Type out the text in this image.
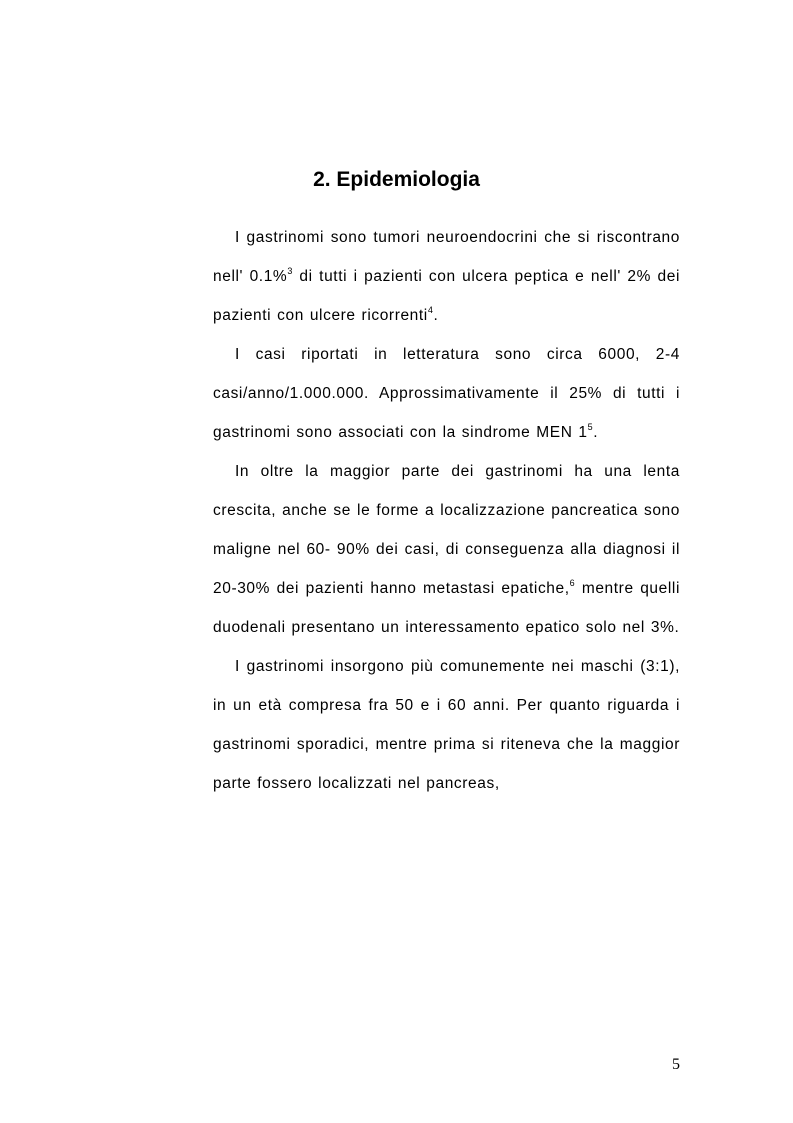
2. Epidemiologia

I gastrinomi sono tumori neuroendocrini che si riscontrano nell' 0.1%$^3$ di tutti i pazienti con ulcera peptica e nell' 2% dei pazienti con ulcere ricorrenti$^4$.

I casi riportati in letteratura sono circa 6000, 2-4 casi/anno/1.000.000. Approssimativamente il 25% di tutti i gastrinomi sono associati con la sindrome MEN $1^5$.

In oltre la maggior parte dei gastrinomi ha una lenta crescita, anche se le forme a localizzazione pancreatica sono maligne nel 60- 90% dei casi, di conseguenza alla diagnosi il 20-30% dei pazienti hanno metastasi epatiche,$^6$ mentre quelli duodenali presentano un interessamento epatico solo nel 3%.

I gastrinomi insorgono più comunemente nei maschi (3:1), in un età compresa fra 50 e i 60 anni. Per quanto riguarda i gastrinomi sporadici, mentre prima si riteneva che la maggior parte fossero localizzati nel pancreas,

5
